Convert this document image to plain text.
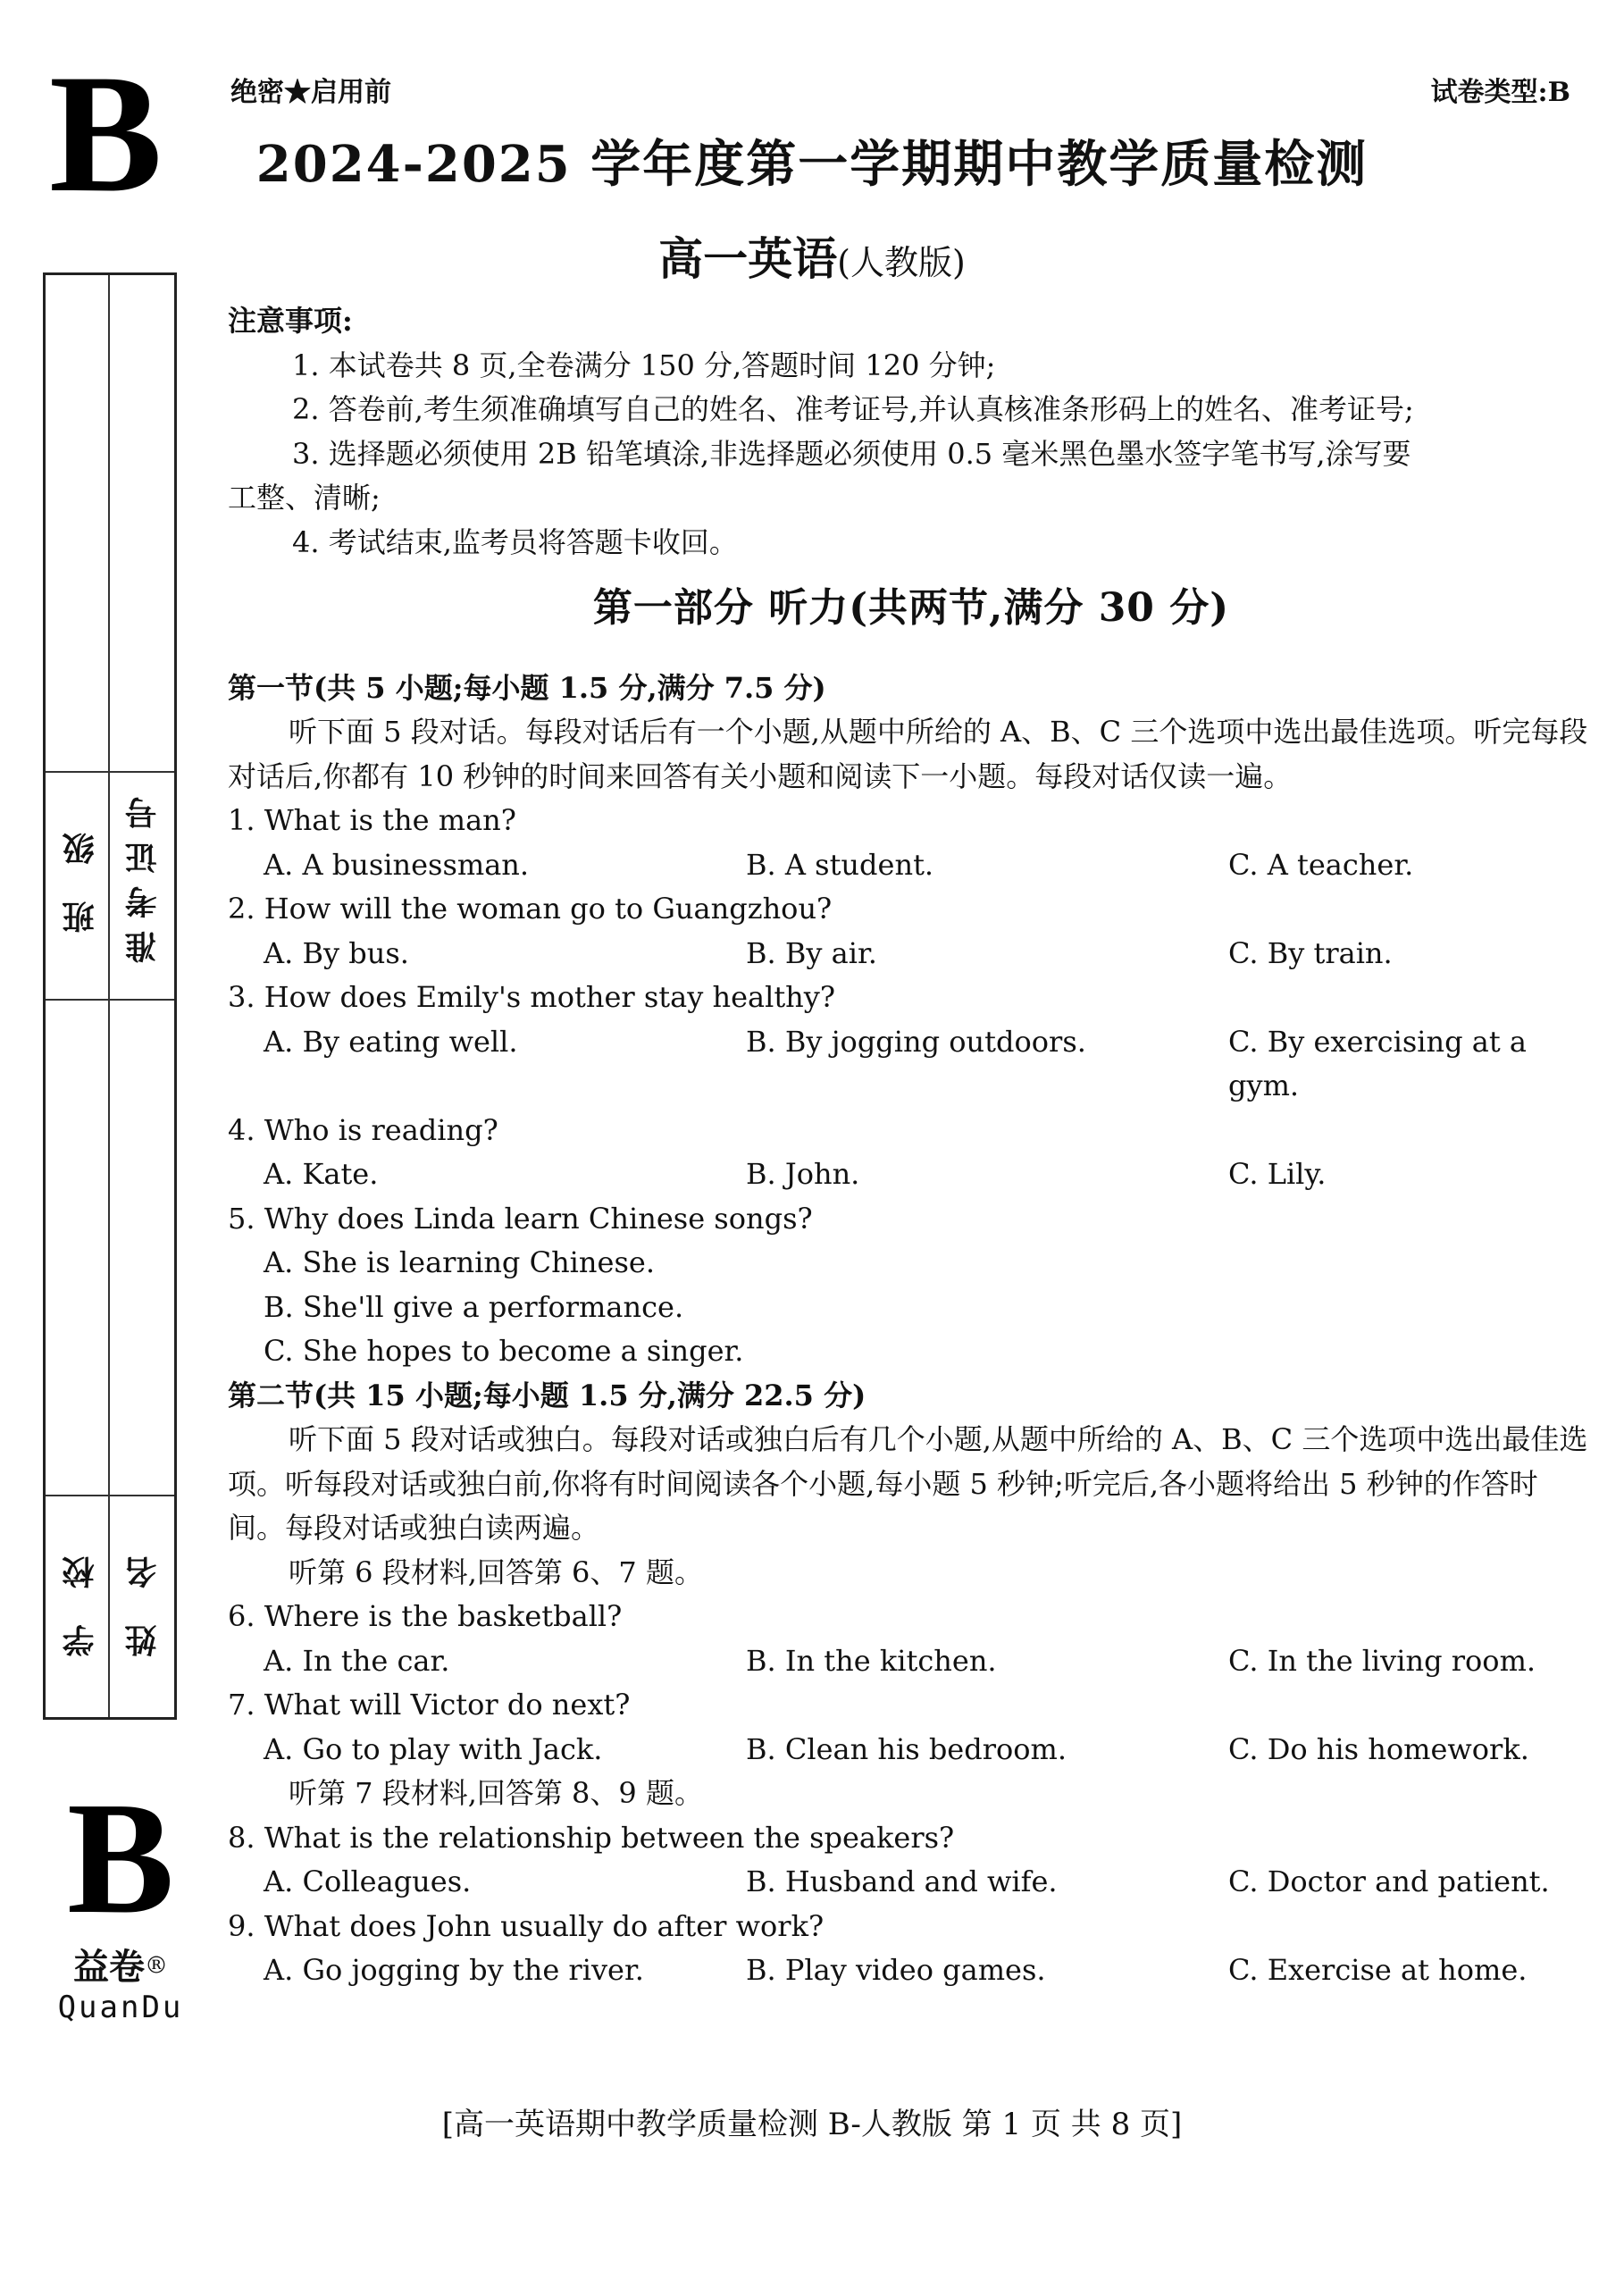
B	绝密★启用前	试卷类型:B
2024-2025 学年度第一学期期中教学质量检测
高一英语(人教版)
班 级 准考证号
学 校 姓 名

注意事项:

1. 本试卷共 8 页,全卷满分 150 分,答题时间 120 分钟;

2. 答卷前,考生须准确填写自己的姓名、准考证号,并认真核准条形码上的姓名、准考证号;

3. 选择题必须使用 2B 铅笔填涂,非选择题必须使用 0.5 毫米黑色墨水签字笔书写,涂写要

工整、清晰;

4. 考试结束,监考员将答题卡收回。

第一部分 听力(共两节,满分 30 分)

第一节(共 5 小题;每小题 1.5 分,满分 7.5 分)

听下面 5 段对话。每段对话后有一个小题,从题中所给的 A、B、C 三个选项中选出最佳选项。听完每段对话后,你都有 10 秒钟的时间来回答有关小题和阅读下一小题。每段对话仅读一遍。

1. What is the man?

A. A businessman.	B. A student.	C. A teacher.

2. How will the woman go to Guangzhou?

A. By bus.	B. By air.	C. By train.

3. How does Emily's mother stay healthy?

A. By eating well.	B. By jogging outdoors.	C. By exercising at a gym.

4. Who is reading?

A. Kate.	B. John.	C. Lily.

5. Why does Linda learn Chinese songs?

A. She is learning Chinese.

B. She'll give a performance.

C. She hopes to become a singer.

第二节(共 15 小题;每小题 1.5 分,满分 22.5 分)

听下面 5 段对话或独白。每段对话或独白后有几个小题,从题中所给的 A、B、C 三个选项中选出最佳选项。听每段对话或独白前,你将有时间阅读各个小题,每小题 5 秒钟;听完后,各小题将给出 5 秒钟的作答时间。每段对话或独白读两遍。

听第 6 段材料,回答第 6、7 题。

6. Where is the basketball?

A. In the car.	B. In the kitchen.	C. In the living room.

7. What will Victor do next?

A. Go to play with Jack.	B. Clean his bedroom.	C. Do his homework.

听第 7 段材料,回答第 8、9 题。

8. What is the relationship between the speakers?

A. Colleagues.	B. Husband and wife.	C. Doctor and patient.

9. What does John usually do after work?

A. Go jogging by the river.	B. Play video games.	C. Exercise at home.
B
益卷®
QuanDu
[高一英语期中教学质量检测 B-人教版 第 1 页 共 8 页]
